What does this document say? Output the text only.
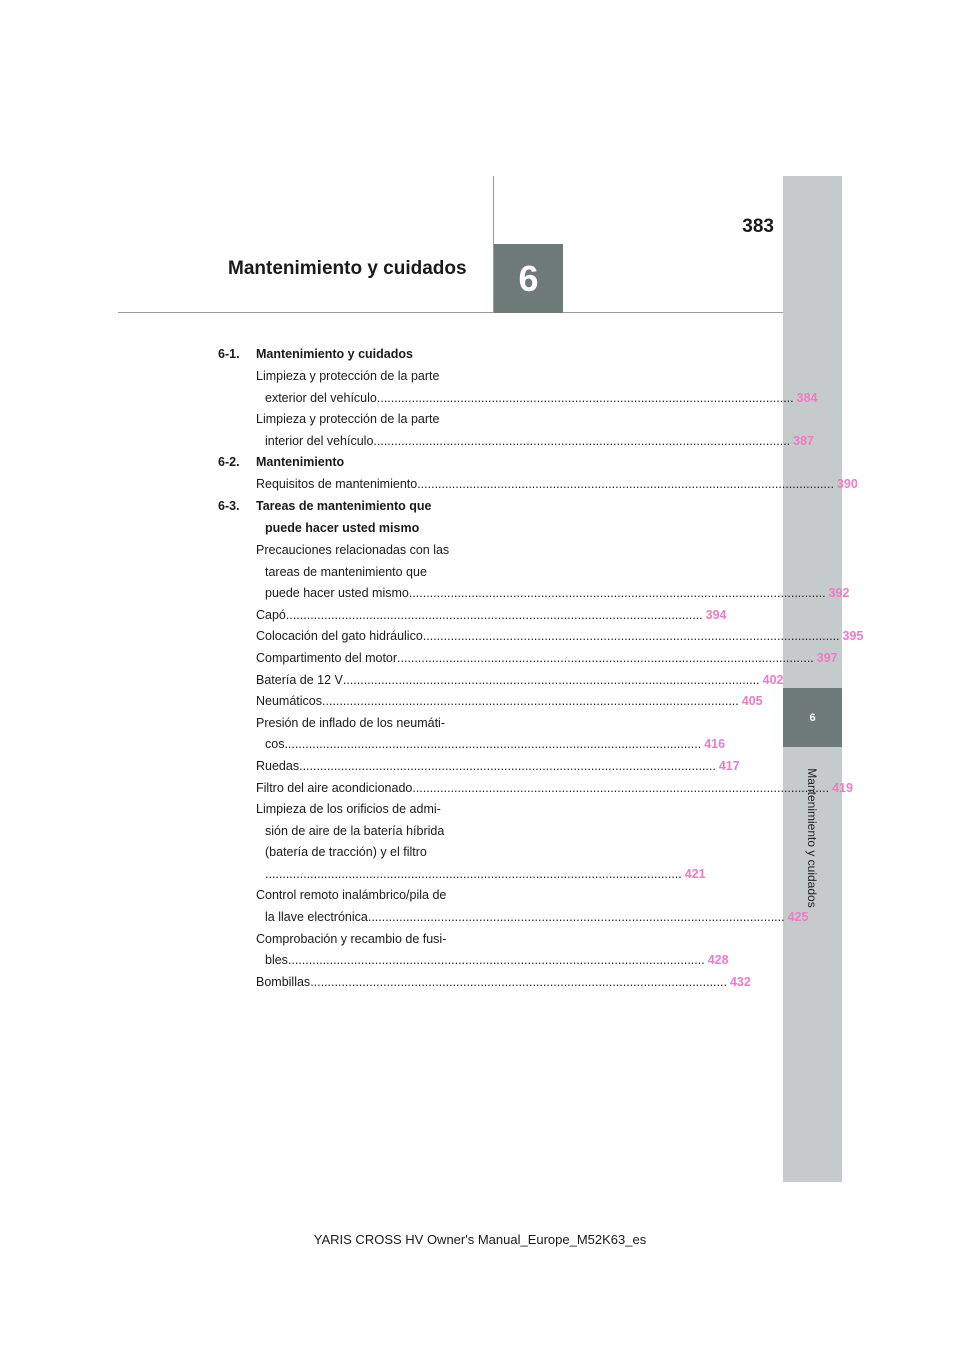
6
383
Mantenimiento y cuidados
6
Mantenimiento y cuidados
6-1. Mantenimiento y cuidados
Limpieza y protección de la parte
exterior del vehículo ........................................................................................................................ 384
Limpieza y protección de la parte
interior del vehículo ........................................................................................................................ 387
6-2. Mantenimiento
Requisitos de mantenimiento ........................................................................................................................ 390
6-3. Tareas de mantenimiento que
puede hacer usted mismo
Precauciones relacionadas con las
tareas de mantenimiento que
puede hacer usted mismo ........................................................................................................................ 392
Capó ........................................................................................................................ 394
Colocación del gato hidráulico ........................................................................................................................ 395
Compartimento del motor ........................................................................................................................ 397
Batería de 12 V ........................................................................................................................ 402
Neumáticos ........................................................................................................................ 405
Presión de inflado de los neumáti-
cos ........................................................................................................................ 416
Ruedas ........................................................................................................................ 417
Filtro del aire acondicionado ........................................................................................................................ 419
Limpieza de los orificios de admi-
sión de aire de la batería híbrida
(batería de tracción) y el filtro
........................................................................................................................ 421
Control remoto inalámbrico/pila de
la llave electrónica ........................................................................................................................ 425
Comprobación y recambio de fusi-
bles ........................................................................................................................ 428
Bombillas ........................................................................................................................ 432
YARIS CROSS HV Owner's Manual_Europe_M52K63_es
